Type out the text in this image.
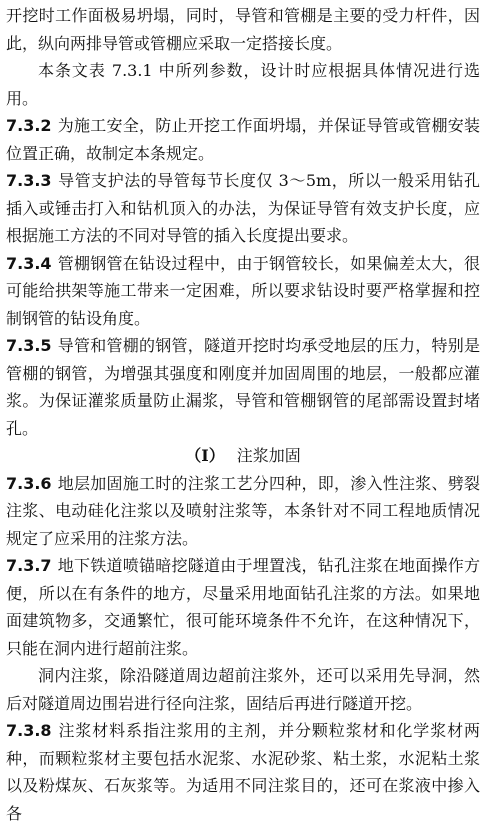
开挖时工作面极易坍塌，同时，导管和管棚是主要的受力杆件，因此，纵向两排导管或管棚应采取一定搭接长度。

本条文表 7.3.1 中所列参数，设计时应根据具体情况进行选用。

7.3.2 为施工安全，防止开挖工作面坍塌，并保证导管或管棚安装位置正确，故制定本条规定。

7.3.3 导管支护法的导管每节长度仅 3～5m，所以一般采用钻孔插入或锤击打入和钻机顶入的办法，为保证导管有效支护长度，应根据施工方法的不同对导管的插入长度提出要求。

7.3.4 管棚钢管在钻设过程中，由于钢管较长，如果偏差太大，很可能给拱架等施工带来一定困难，所以要求钻设时要严格掌握和控制钢管的钻设角度。

7.3.5 导管和管棚的钢管，隧道开挖时均承受地层的压力，特别是管棚的钢管，为增强其强度和刚度并加固周围的地层，一般都应灌浆。为保证灌浆质量防止漏浆，导管和管棚钢管的尾部需设置封堵孔。

（Ⅰ） 注浆加固

7.3.6 地层加固施工时的注浆工艺分四种，即，渗入性注浆、劈裂注浆、电动硅化注浆以及喷射注浆等，本条针对不同工程地质情况规定了应采用的注浆方法。

7.3.7 地下铁道喷锚暗挖隧道由于埋置浅，钻孔注浆在地面操作方便，所以在有条件的地方，尽量采用地面钻孔注浆的方法。如果地面建筑物多，交通繁忙，很可能环境条件不允许，在这种情况下，只能在洞内进行超前注浆。

洞内注浆，除沿隧道周边超前注浆外，还可以采用先导洞，然后对隧道周边围岩进行径向注浆，固结后再进行隧道开挖。

7.3.8 注浆材料系指注浆用的主剂，并分颗粒浆材和化学浆材两种，而颗粒浆材主要包括水泥浆、水泥砂浆、粘土浆，水泥粘土浆以及粉煤灰、石灰浆等。为适用不同注浆目的，还可在浆液中掺入各
